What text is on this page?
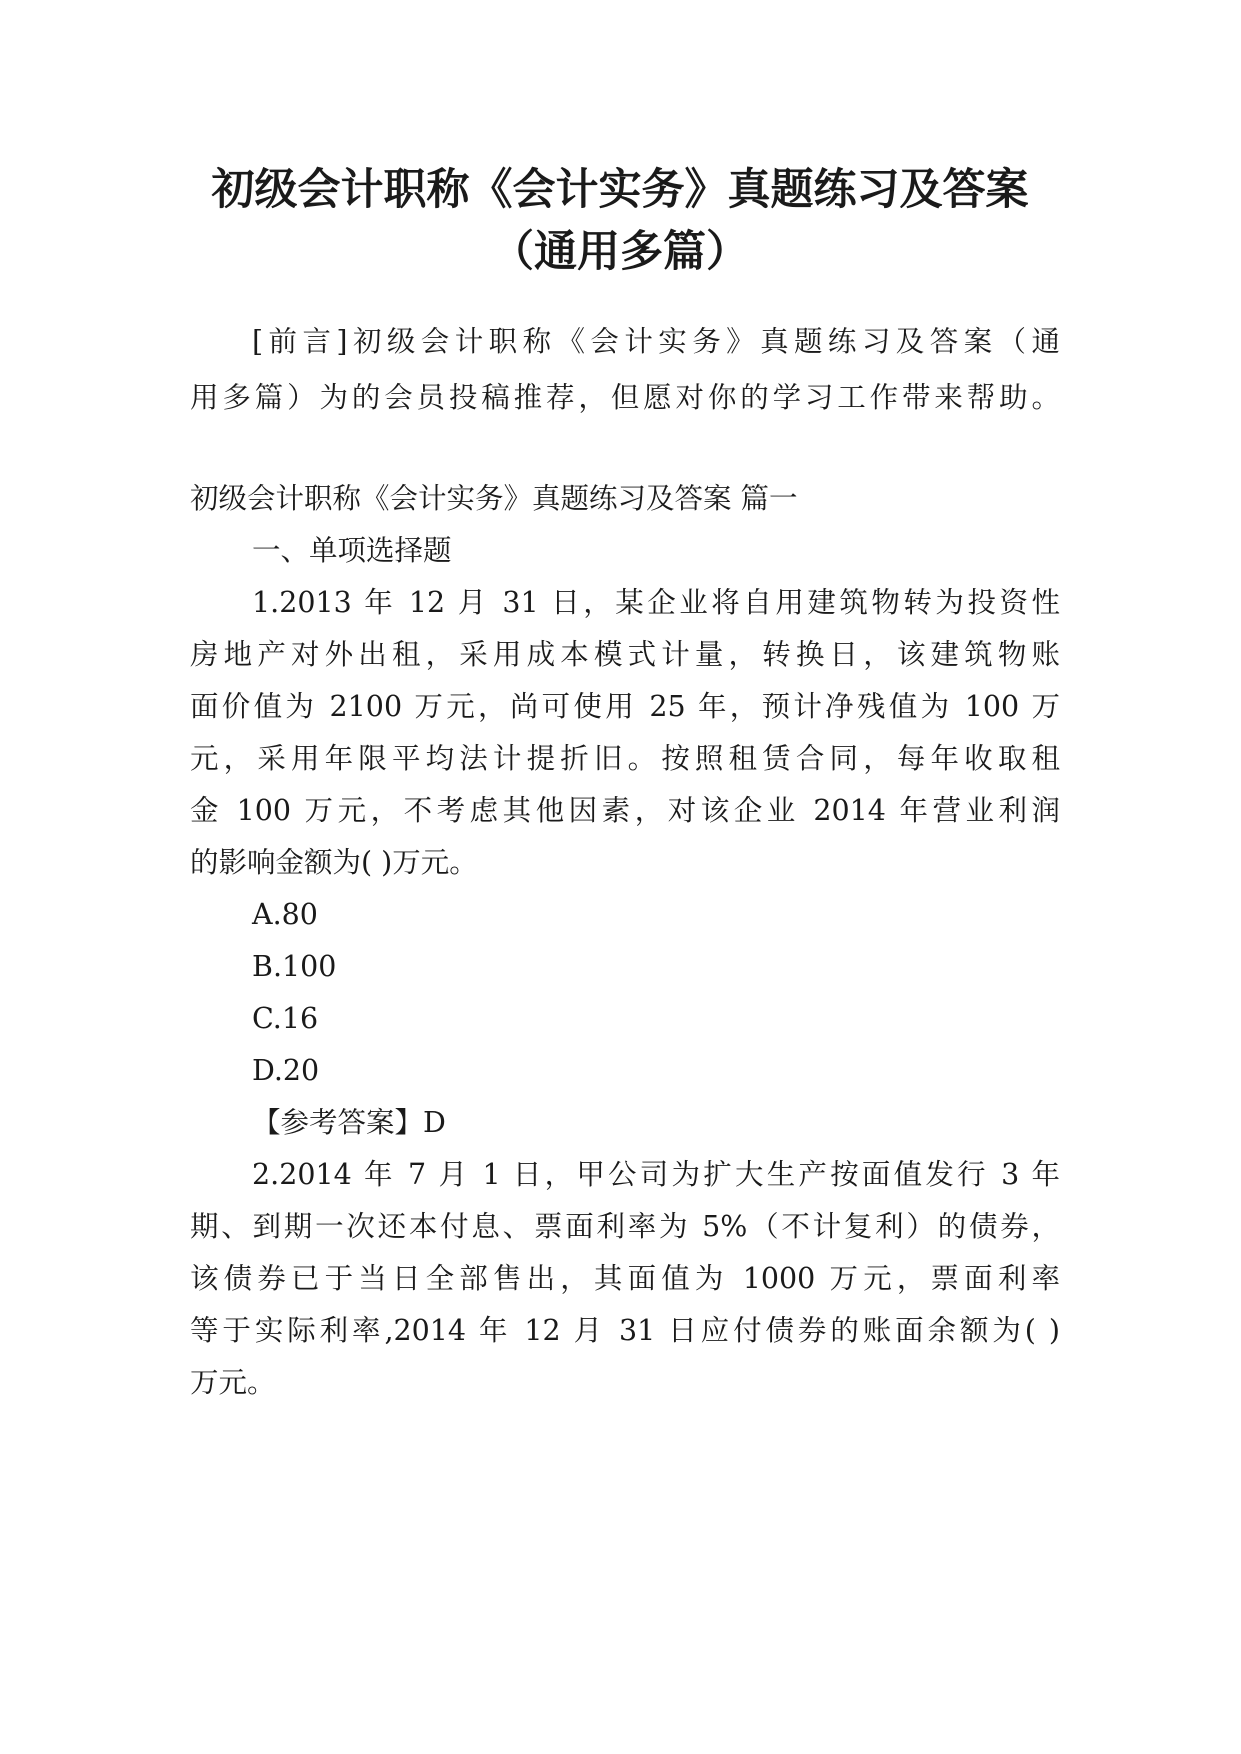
初级会计职称《会计实务》真题练习及答案
（通用多篇）

[前言]初级会计职称《会计实务》真题练习及答案（通

用多篇）为的会员投稿推荐，但愿对你的学习工作带来帮助。

初级会计职称《会计实务》真题练习及答案 篇一

一、单项选择题

1.2013 年 12 月 31 日，某企业将自用建筑物转为投资性

房地产对外出租，采用成本模式计量，转换日，该建筑物账

面价值为 2100 万元，尚可使用 25 年，预计净残值为 100 万

元，采用年限平均法计提折旧。按照租赁合同，每年收取租

金 100 万元，不考虑其他因素，对该企业 2014 年营业利润

的影响金额为( )万元。

A.80

B.100

C.16

D.20

【参考答案】D

2.2014 年 7 月 1 日，甲公司为扩大生产按面值发行 3 年

期、到期一次还本付息、票面利率为 5%（不计复利）的债券，

该债券已于当日全部售出，其面值为 1000 万元，票面利率

等于实际利率,2014 年 12 月 31 日应付债券的账面余额为( )

万元。
